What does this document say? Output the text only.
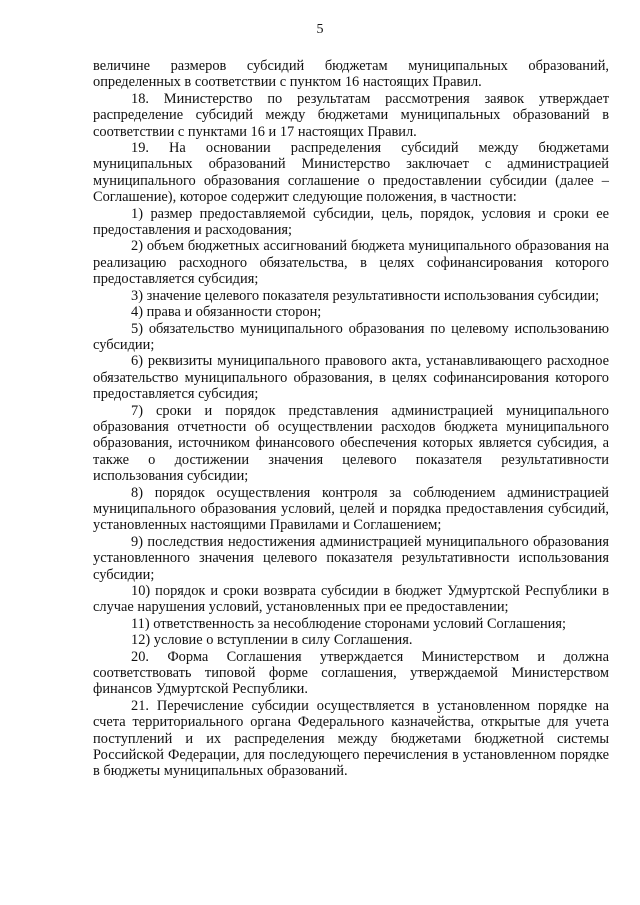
5

величине размеров субсидий бюджетам муниципальных образований, определенных в соответствии с пунктом 16 настоящих Правил.

18. Министерство по результатам рассмотрения заявок утверждает распределение субсидий между бюджетами муниципальных образований в соответствии с пунктами 16 и 17 настоящих Правил.

19. На основании распределения субсидий между бюджетами муниципальных образований Министерство заключает с администрацией муниципального образования соглашение о предоставлении субсидии (далее – Соглашение), которое содержит следующие положения, в частности:

1) размер предоставляемой субсидии, цель, порядок, условия и сроки ее предоставления и расходования;

2) объем бюджетных ассигнований бюджета муниципального образования на реализацию расходного обязательства, в целях софинансирования которого предоставляется субсидия;

3) значение целевого показателя результативности использования субсидии;

4) права и обязанности сторон;

5) обязательство муниципального образования по целевому использованию субсидии;

6) реквизиты муниципального правового акта, устанавливающего расходное обязательство муниципального образования, в целях софинансирования которого предоставляется субсидия;

7) сроки и порядок представления администрацией муниципального образования отчетности об осуществлении расходов бюджета муниципального образования, источником финансового обеспечения которых является субсидия, а также о достижении значения целевого показателя результативности использования субсидии;

8) порядок осуществления контроля за соблюдением администрацией муниципального образования условий, целей и порядка предоставления субсидий, установленных настоящими Правилами и Соглашением;

9) последствия недостижения администрацией муниципального образования установленного значения целевого показателя результативности использования субсидии;

10) порядок и сроки возврата субсидии в бюджет Удмуртской Республики в случае нарушения условий, установленных при ее предоставлении;

11) ответственность за несоблюдение сторонами условий Соглашения;

12) условие о вступлении в силу Соглашения.

20. Форма Соглашения утверждается Министерством и должна соответствовать типовой форме соглашения, утверждаемой Министерством финансов Удмуртской Республики.

21. Перечисление субсидии осуществляется в установленном порядке на счета территориального органа Федерального казначейства, открытые для учета поступлений и их распределения между бюджетами бюджетной системы Российской Федерации, для последующего перечисления в установленном порядке в бюджеты муниципальных образований.
